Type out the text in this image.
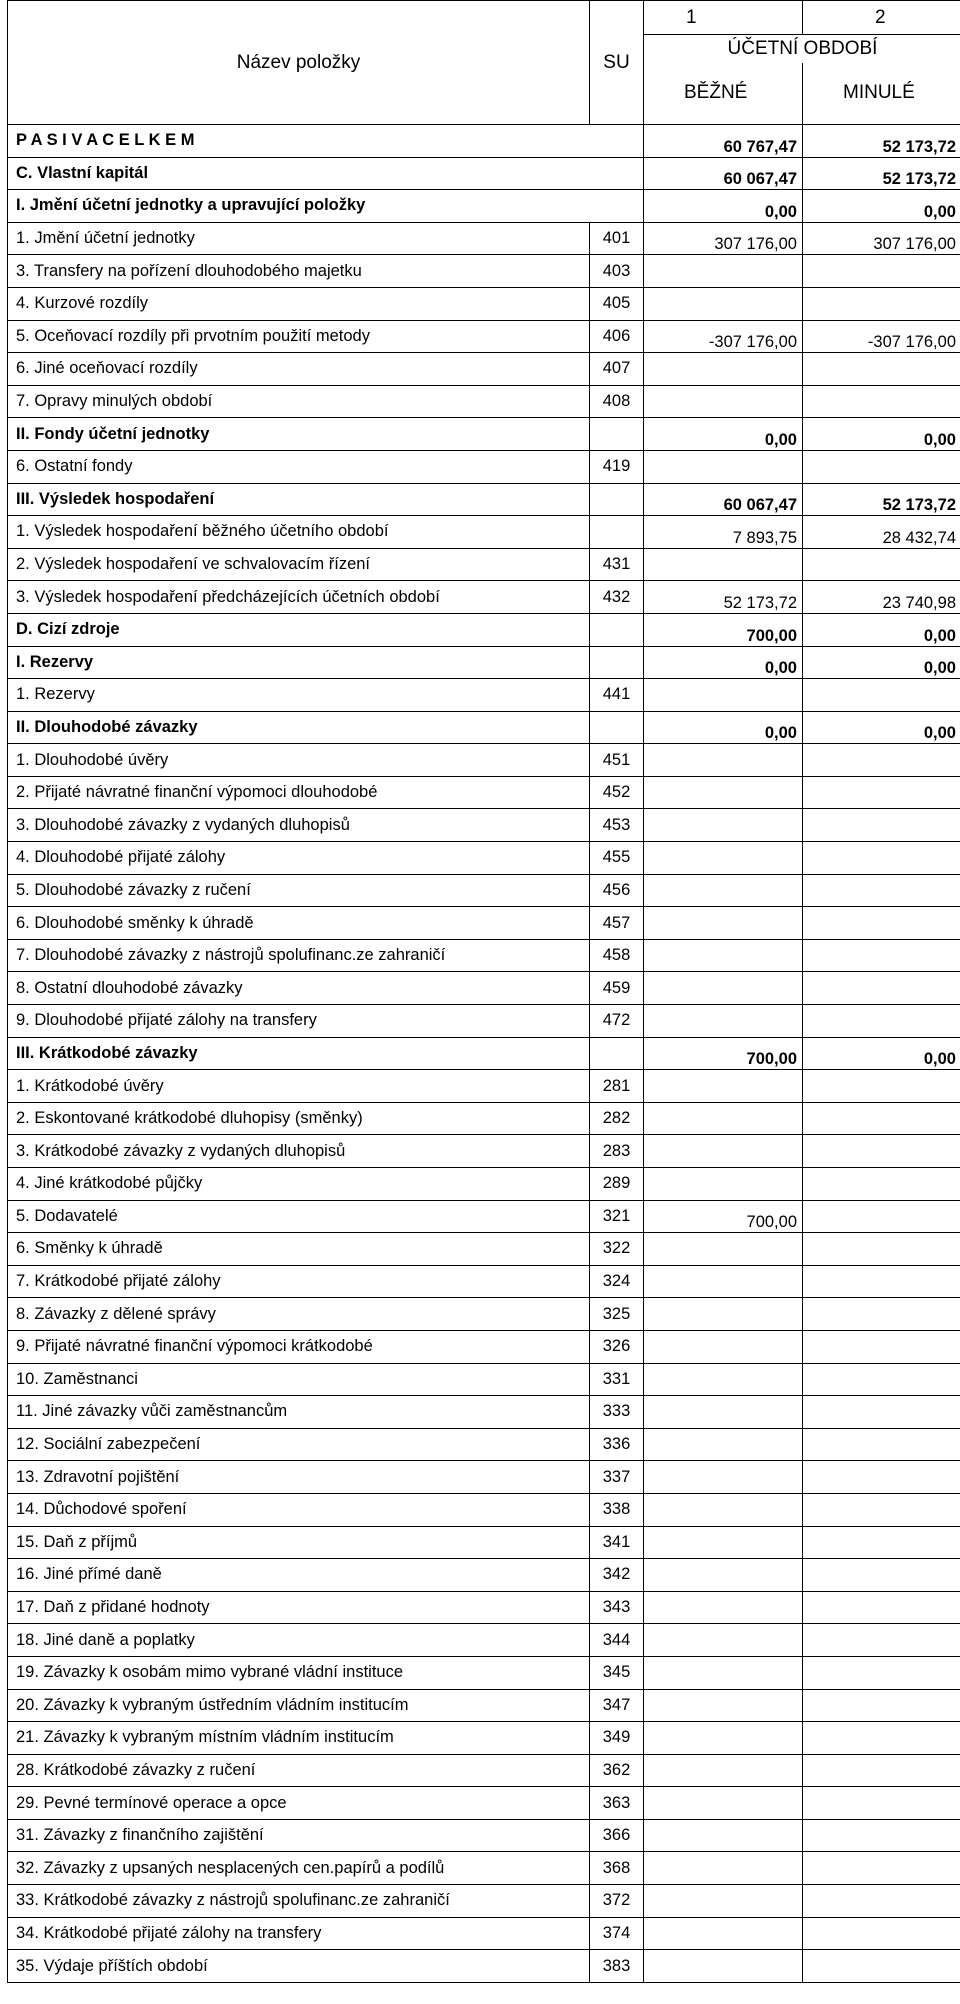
Název položky	SU	1	2
		ÚČETNÍ OBDOBÍ	
		BĚŽNÉ	MINULÉ
P A S I V A C E L K E M		60 767,47	52 173,72
C. Vlastní kapitál		60 067,47	52 173,72
I. Jmění účetní jednotky a upravující položky		0,00	0,00
1. Jmění účetní jednotky	401	307 176,00	307 176,00
3. Transfery na pořízení dlouhodobého majetku	403		
4. Kurzové rozdíly	405		
5. Oceňovací rozdíly při prvotním použití metody	406	-307 176,00	-307 176,00
6. Jiné oceňovací rozdíly	407		
7. Opravy minulých období	408		
II. Fondy účetní jednotky		0,00	0,00
6. Ostatní fondy	419		
III. Výsledek hospodaření		60 067,47	52 173,72
1. Výsledek hospodaření běžného účetního období		7 893,75	28 432,74
2. Výsledek hospodaření ve schvalovacím řízení	431		
3. Výsledek hospodaření předcházejících účetních období	432	52 173,72	23 740,98
D. Cizí zdroje		700,00	0,00
I. Rezervy		0,00	0,00
1. Rezervy	441		
II. Dlouhodobé závazky		0,00	0,00
1. Dlouhodobé úvěry	451		
2. Přijaté návratné finanční výpomoci dlouhodobé	452		
3. Dlouhodobé závazky z vydaných dluhopisů	453		
4. Dlouhodobé přijaté zálohy	455		
5. Dlouhodobé závazky z ručení	456		
6. Dlouhodobé směnky k úhradě	457		
7. Dlouhodobé závazky z nástrojů spolufinanc.ze zahraničí	458		
8. Ostatní dlouhodobé závazky	459		
9. Dlouhodobé přijaté zálohy na transfery	472		
III. Krátkodobé závazky		700,00	0,00
1. Krátkodobé úvěry	281		
2. Eskontované krátkodobé dluhopisy (směnky)	282		
3. Krátkodobé závazky z vydaných dluhopisů	283		
4. Jiné krátkodobé půjčky	289		
5. Dodavatelé	321	700,00	
6. Směnky k úhradě	322		
7. Krátkodobé přijaté zálohy	324		
8. Závazky z dělené správy	325		
9. Přijaté návratné finanční výpomoci krátkodobé	326		
10. Zaměstnanci	331		
11. Jiné závazky vůči zaměstnancům	333		
12. Sociální zabezpečení	336		
13. Zdravotní pojištění	337		
14. Důchodové spoření	338		
15. Daň z příjmů	341		
16. Jiné přímé daně	342		
17. Daň z přidané hodnoty	343		
18. Jiné daně a poplatky	344		
19. Závazky k osobám mimo vybrané vládní instituce	345		
20. Závazky k vybraným ústředním vládním institucím	347		
21. Závazky k vybraným místním vládním institucím	349		
28. Krátkodobé závazky z ručení	362		
29. Pevné termínové operace a opce	363		
31. Závazky z finančního zajištění	366		
32. Závazky z upsaných nesplacených cen.papírů a podílů	368		
33. Krátkodobé závazky z nástrojů spolufinanc.ze zahraničí	372		
34. Krátkodobé přijaté zálohy na transfery	374		
35. Výdaje příštích období	383		
